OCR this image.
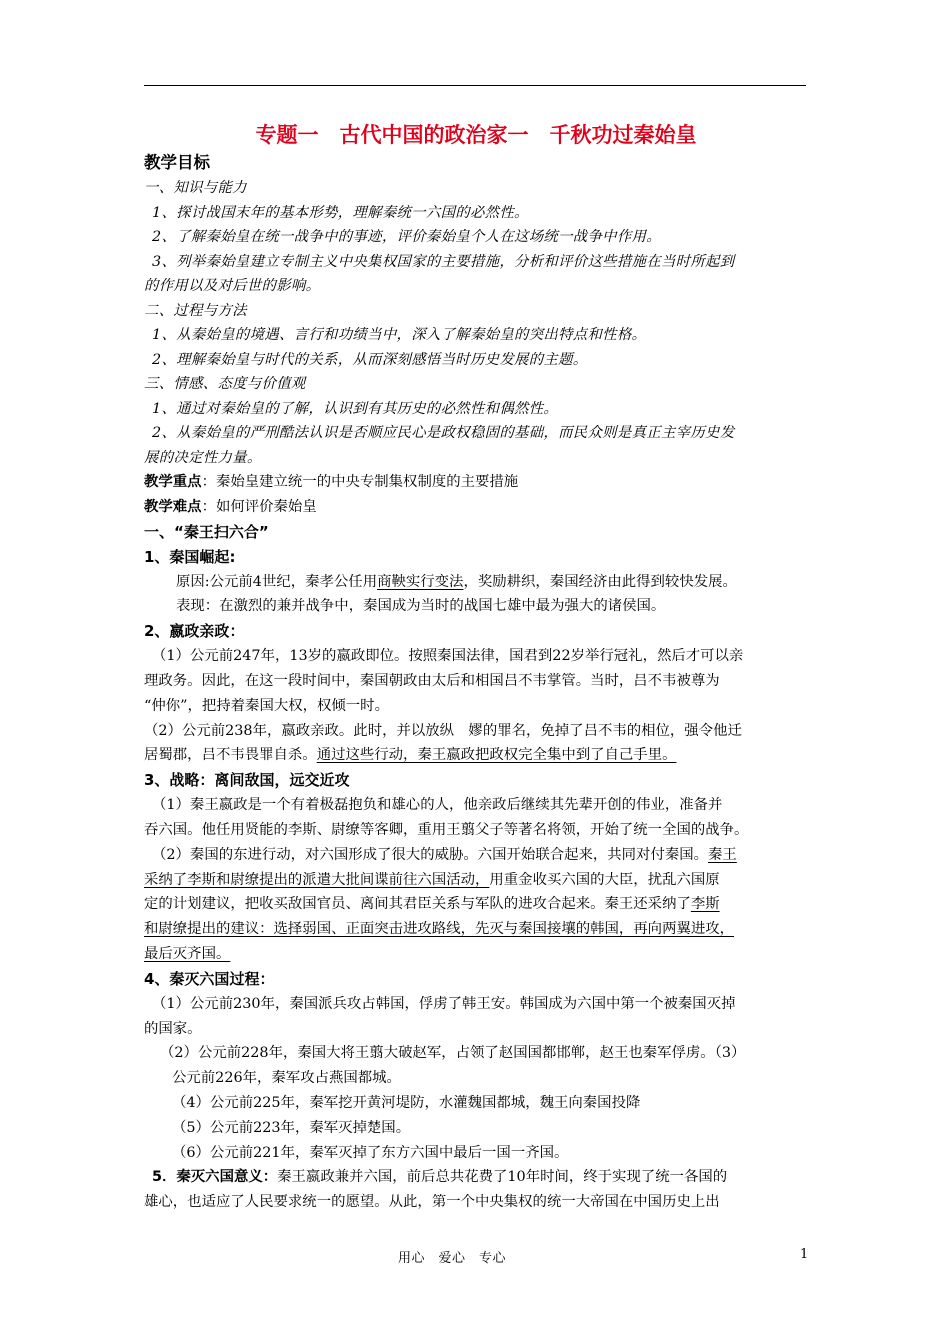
专题一　古代中国的政治家一　千秋功过秦始皇
教学目标
一、知识与能力
1、探讨战国末年的基本形势，理解秦统一六国的必然性。
2、了解秦始皇在统一战争中的事迹，评价秦始皇个人在这场统一战争中作用。
3、列举秦始皇建立专制主义中央集权国家的主要措施，分析和评价这些措施在当时所起到
的作用以及对后世的影响。
二、过程与方法
1、从秦始皇的境遇、言行和功绩当中，深入了解秦始皇的突出特点和性格。
2、理解秦始皇与时代的关系，从而深刻感悟当时历史发展的主题。
三、情感、态度与价值观
1、通过对秦始皇的了解，认识到有其历史的必然性和偶然性。
2、从秦始皇的严刑酷法认识是否顺应民心是政权稳固的基础，而民众则是真正主宰历史发
展的决定性力量。
教学重点：秦始皇建立统一的中央专制集权制度的主要措施
教学难点：如何评价秦始皇
一、“秦王扫六合”
1、秦国崛起:
原因:公元前4世纪，秦孝公任用商鞅实行变法，奖励耕织，秦国经济由此得到较快发展。
表现：在激烈的兼并战争中，秦国成为当时的战国七雄中最为强大的诸侯国。
2、嬴政亲政：
（1）公元前247年，13岁的嬴政即位。按照秦国法律，国君到22岁举行冠礼，然后才可以亲
理政务。因此，在这一段时间中，秦国朝政由太后和相国吕不韦掌管。当时，吕不韦被尊为
“仲你”，把持着秦国大权，权倾一时。
（2）公元前238年，嬴政亲政。此时，并以放纵　嫪的罪名，免掉了吕不韦的相位，强令他迁
居蜀郡，吕不韦畏罪自杀。通过这些行动，秦王嬴政把政权完全集中到了自己手里。
3、战略：离间敌国，远交近攻
（1）秦王嬴政是一个有着极磊抱负和雄心的人，他亲政后继续其先辈开创的伟业，准备并
吞六国。他任用贤能的李斯、尉缭等客卿，重用王翦父子等著名将领，开始了统一全国的战争。
（2）秦国的东进行动，对六国形成了很大的威胁。六国开始联合起来，共同对付秦国。秦王
采纳了李斯和尉缭提出的派遣大批间谍前往六国活动，用重金收买六国的大臣，扰乱六国原
定的计划建议，把收买敌国官员、离间其君臣关系与军队的进攻合起来。秦王还采纳了李斯
和尉缭提出的建议：选择弱国、正面突击进攻路线，先灭与秦国接壤的韩国，再向两翼进攻，
最后灭齐国。
4、秦灭六国过程：
（1）公元前230年，秦国派兵攻占韩国，俘虏了韩王安。韩国成为六国中第一个被秦国灭掉
的国家。
（2）公元前228年，秦国大将王翦大破赵军，占领了赵国国都邯郸，赵王也秦军俘虏。（3）
公元前226年，秦军攻占燕国都城。
（4）公元前225年，秦军挖开黄河堤防，水灌魏国都城，魏王向秦国投降
（5）公元前223年，秦军灭掉楚国。
（6）公元前221年，秦军灭掉了东方六国中最后一国一齐国。
5．秦灭六国意义：秦王嬴政兼并六国，前后总共花费了10年时间，终于实现了统一各国的
雄心，也适应了人民要求统一的愿望。从此，第一个中央集权的统一大帝国在中国历史上出
用心　爱心　专心	1
